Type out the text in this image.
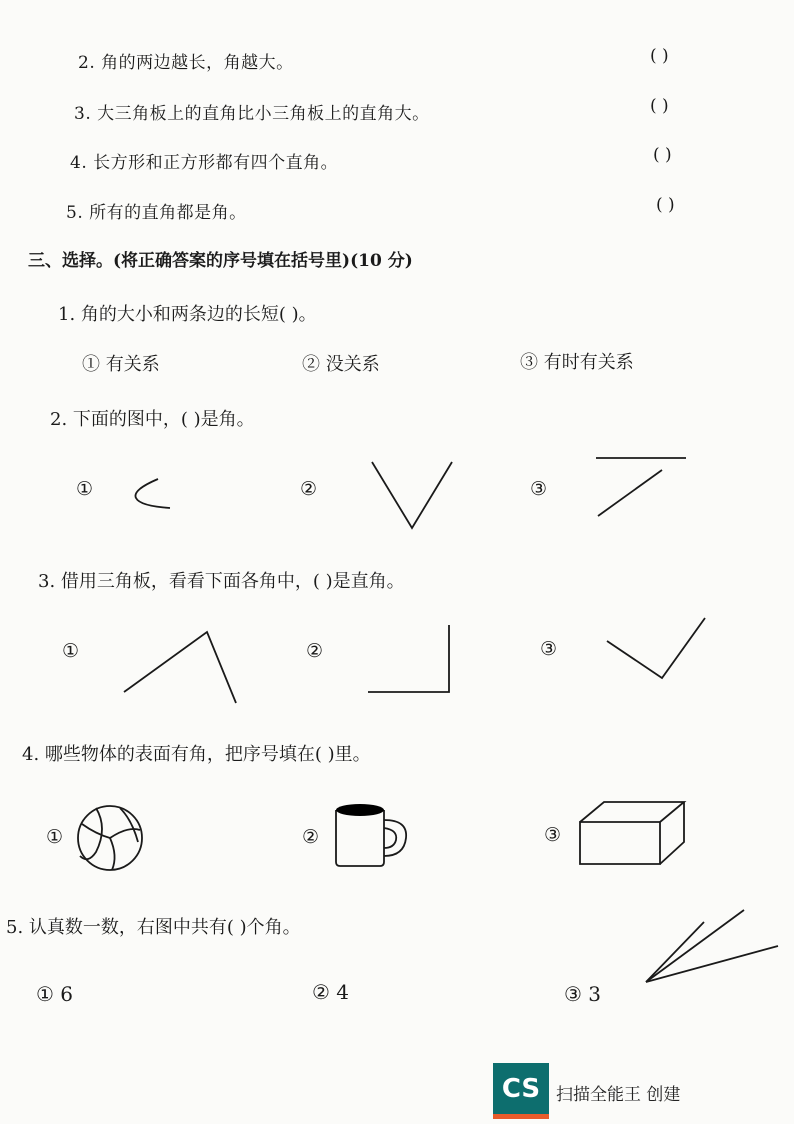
2. 角的两边越长，角越大。	( )
3. 大三角板上的直角比小三角板上的直角大。	( )
4. 长方形和正方形都有四个直角。	( )
5. 所有的直角都是角。	( )
三、选择。(将正确答案的序号填在括号里)(10 分)
1. 角的大小和两条边的长短( )。
① 有关系	② 没关系	③ 有时有关系
2. 下面的图中，( )是角。
①	②	③
3. 借用三角板，看看下面各角中，( )是直角。
①	②	③
4. 哪些物体的表面有角，把序号填在( )里。
①	②	③
5. 认真数一数，右图中共有( )个角。
① 6	② 4	③ 3
CS 扫描全能王 创建
